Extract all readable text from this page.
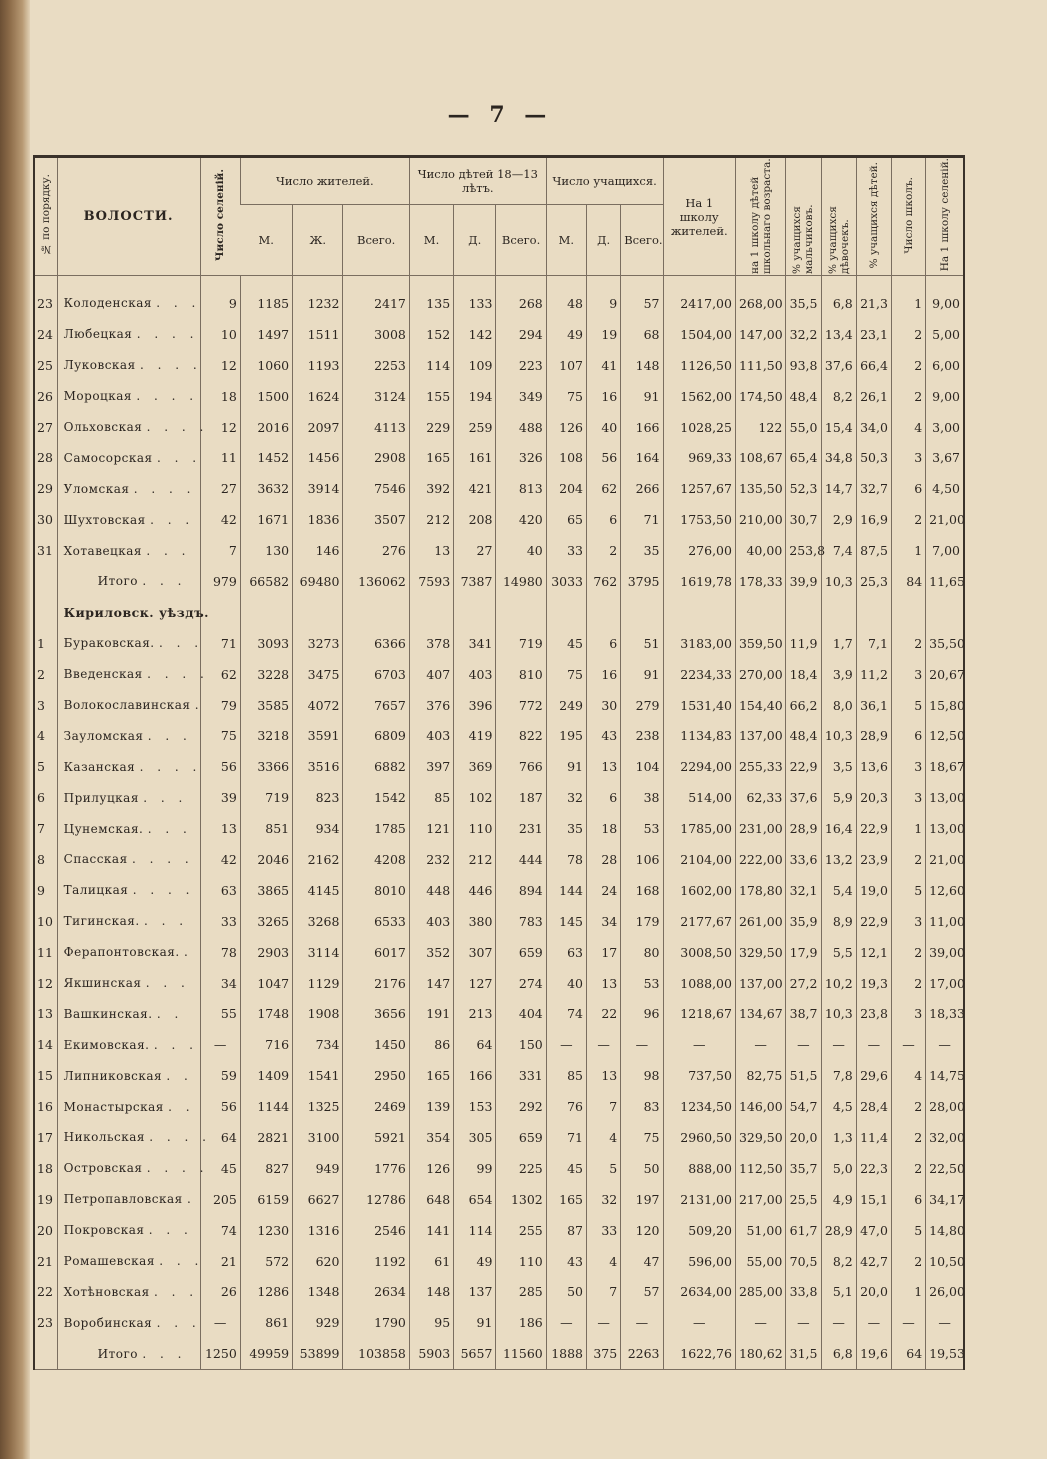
— 7 —
№ по порядку.	ВОЛОСТИ.	Число селеній.	Число жителей.			Число дѣтей 18—13 лѣтъ.			Число учащихся.			На 1 школу жителей.	на 1 школу дѣтей школьнаго возраста.	% учащихся мальчиковъ.	% учащихся дѣвочекъ.	% учащихся дѣтей.	Число школъ.	На 1 школу селеній.
			М.	Ж.	Всего.	М.	Д.	Всего.	М.	Д.	Всего.							
23	Колоденская . . .	9	1185	1232	2417	135	133	268	48	9	57	2417,00	268,00	35,5	6,8	21,3	1	9,00
24	Любецкая . . . .	10	1497	1511	3008	152	142	294	49	19	68	1504,00	147,00	32,2	13,4	23,1	2	5,00
25	Луковская . . . .	12	1060	1193	2253	114	109	223	107	41	148	1126,50	111,50	93,8	37,6	66,4	2	6,00
26	Мороцкая . . . .	18	1500	1624	3124	155	194	349	75	16	91	1562,00	174,50	48,4	8,2	26,1	2	9,00
27	Ольховская . . . .	12	2016	2097	4113	229	259	488	126	40	166	1028,25	122	55,0	15,4	34,0	4	3,00
28	Самосорская . . .	11	1452	1456	2908	165	161	326	108	56	164	969,33	108,67	65,4	34,8	50,3	3	3,67
29	Уломская . . . .	27	3632	3914	7546	392	421	813	204	62	266	1257,67	135,50	52,3	14,7	32,7	6	4,50
30	Шухтовская . . .	42	1671	1836	3507	212	208	420	65	6	71	1753,50	210,00	30,7	2,9	16,9	2	21,00
31	Хотавецкая . . .	7	130	146	276	13	27	40	33	2	35	276,00	40,00	253,8	7,4	87,5	1	7,00
	Итого . . .	979	66582	69480	136062	7593	7387	14980	3033	762	3795	1619,78	178,33	39,9	10,3	25,3	84	11,65
	Кириловск. уѣздъ.																	
1	Бураковская. . . .	71	3093	3273	6366	378	341	719	45	6	51	3183,00	359,50	11,9	1,7	7,1	2	35,50
2	Введенская . . . .	62	3228	3475	6703	407	403	810	75	16	91	2234,33	270,00	18,4	3,9	11,2	3	20,67
3	Волокославинская .	79	3585	4072	7657	376	396	772	249	30	279	1531,40	154,40	66,2	8,0	36,1	5	15,80
4	Зауломская . . .	75	3218	3591	6809	403	419	822	195	43	238	1134,83	137,00	48,4	10,3	28,9	6	12,50
5	Казанская . . . .	56	3366	3516	6882	397	369	766	91	13	104	2294,00	255,33	22,9	3,5	13,6	3	18,67
6	Прилуцкая . . .	39	719	823	1542	85	102	187	32	6	38	514,00	62,33	37,6	5,9	20,3	3	13,00
7	Цунемская. . . .	13	851	934	1785	121	110	231	35	18	53	1785,00	231,00	28,9	16,4	22,9	1	13,00
8	Спасская . . . .	42	2046	2162	4208	232	212	444	78	28	106	2104,00	222,00	33,6	13,2	23,9	2	21,00
9	Талицкая . . . .	63	3865	4145	8010	448	446	894	144	24	168	1602,00	178,80	32,1	5,4	19,0	5	12,60
10	Тигинская. . . .	33	3265	3268	6533	403	380	783	145	34	179	2177,67	261,00	35,9	8,9	22,9	3	11,00
11	Ферапонтовская. .	78	2903	3114	6017	352	307	659	63	17	80	3008,50	329,50	17,9	5,5	12,1	2	39,00
12	Якшинская . . .	34	1047	1129	2176	147	127	274	40	13	53	1088,00	137,00	27,2	10,2	19,3	2	17,00
13	Вашкинская. . .	55	1748	1908	3656	191	213	404	74	22	96	1218,67	134,67	38,7	10,3	23,8	3	18,33
14	Екимовская. . . .	—	716	734	1450	86	64	150	—	—	—	—	—	—	—	—	—	—
15	Липниковская . .	59	1409	1541	2950	165	166	331	85	13	98	737,50	82,75	51,5	7,8	29,6	4	14,75
16	Монастырская . .	56	1144	1325	2469	139	153	292	76	7	83	1234,50	146,00	54,7	4,5	28,4	2	28,00
17	Никольская . . . .	64	2821	3100	5921	354	305	659	71	4	75	2960,50	329,50	20,0	1,3	11,4	2	32,00
18	Островская . . . .	45	827	949	1776	126	99	225	45	5	50	888,00	112,50	35,7	5,0	22,3	2	22,50
19	Петропавловская .	205	6159	6627	12786	648	654	1302	165	32	197	2131,00	217,00	25,5	4,9	15,1	6	34,17
20	Покровская . . .	74	1230	1316	2546	141	114	255	87	33	120	509,20	51,00	61,7	28,9	47,0	5	14,80
21	Ромашевская . . .	21	572	620	1192	61	49	110	43	4	47	596,00	55,00	70,5	8,2	42,7	2	10,50
22	Хотѣновская . . .	26	1286	1348	2634	148	137	285	50	7	57	2634,00	285,00	33,8	5,1	20,0	1	26,00
23	Воробинская . . .	—	861	929	1790	95	91	186	—	—	—	—	—	—	—	—	—	—
	Итого . . .	1250	49959	53899	103858	5903	5657	11560	1888	375	2263	1622,76	180,62	31,5	6,8	19,6	64	19,53
